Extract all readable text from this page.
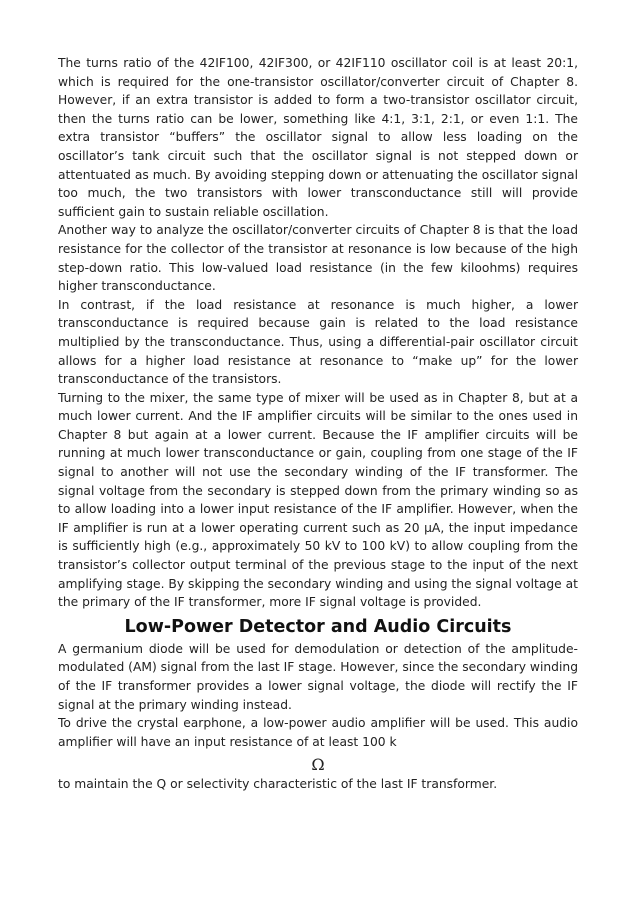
The turns ratio of the 42IF100, 42IF300, or 42IF110 oscillator coil is at least 20:1, which is required for the one-transistor oscillator/converter circuit of Chapter 8. However, if an extra transistor is added to form a two-transistor oscillator circuit, then the turns ratio can be lower, something like 4:1, 3:1, 2:1, or even 1:1. The extra transistor “buffers” the oscillator signal to allow less loading on the oscillator’s tank circuit such that the oscillator signal is not stepped down or attentuated as much. By avoiding stepping down or attenuating the oscillator signal too much, the two transistors with lower transconductance still will provide sufficient gain to sustain reliable oscillation.

Another way to analyze the oscillator/converter circuits of Chapter 8 is that the load resistance for the collector of the transistor at resonance is low because of the high step-down ratio. This low-valued load resistance (in the few kiloohms) requires higher transconductance.

In contrast, if the load resistance at resonance is much higher, a lower transconductance is required because gain is related to the load resistance multiplied by the transconductance. Thus, using a differential-pair oscillator circuit allows for a higher load resistance at resonance to “make up” for the lower transconductance of the transistors.

Turning to the mixer, the same type of mixer will be used as in Chapter 8, but at a much lower current. And the IF amplifier circuits will be similar to the ones used in Chapter 8 but again at a lower current. Because the IF amplifier circuits will be running at much lower transconductance or gain, coupling from one stage of the IF signal to another will not use the secondary winding of the IF transformer. The signal voltage from the secondary is stepped down from the primary winding so as to allow loading into a lower input resistance of the IF amplifier. However, when the IF amplifier is run at a lower operating current such as 20 µA, the input impedance is sufficiently high (e.g., approximately 50 kV to 100 kV) to allow coupling from the transistor’s collector output terminal of the previous stage to the input of the next amplifying stage. By skipping the secondary winding and using the signal voltage at the primary of the IF transformer, more IF signal voltage is provided.

Low-Power Detector and Audio Circuits

A germanium diode will be used for demodulation or detection of the amplitude-modulated (AM) signal from the last IF stage. However, since the secondary winding of the IF transformer provides a lower signal voltage, the diode will rectify the IF signal at the primary winding instead.

To drive the crystal earphone, a low-power audio amplifier will be used. This audio amplifier will have an input resistance of at least 100 k

Ω

to maintain the Q or selectivity characteristic of the last IF transformer.
